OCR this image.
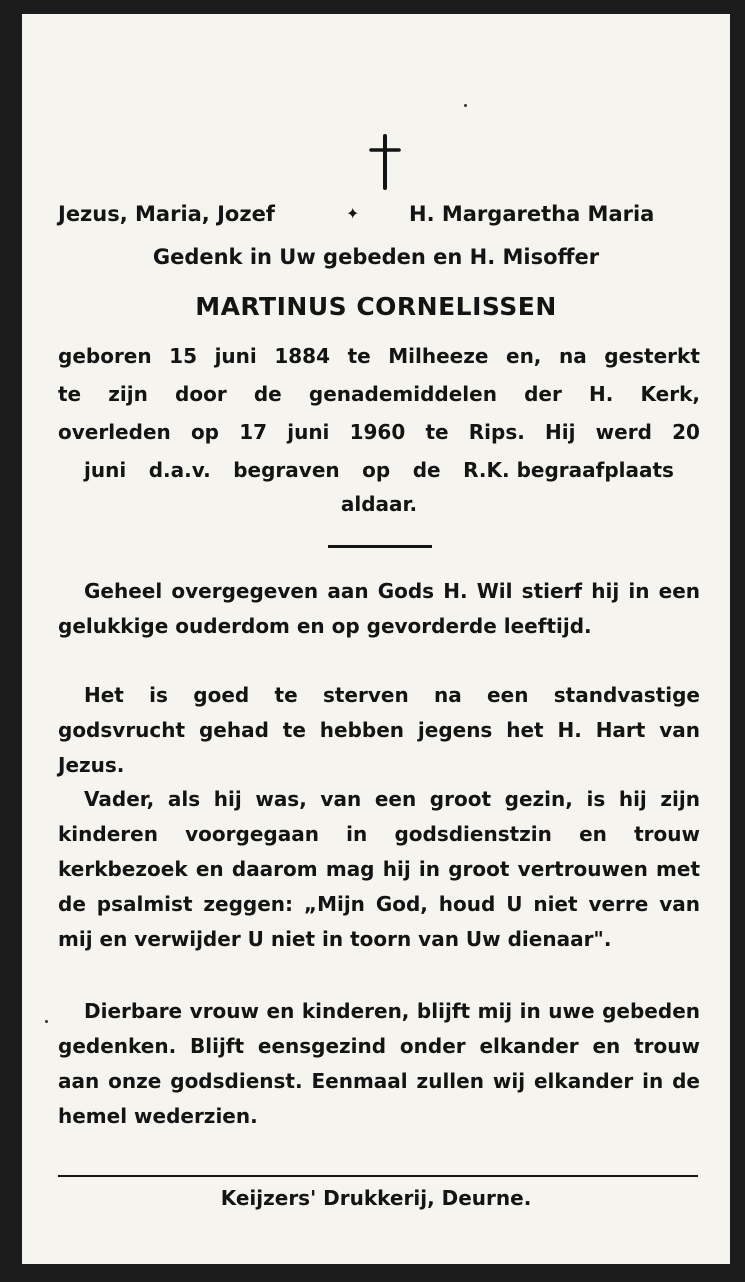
Jezus, Maria, Jozef	✦ H. Margaretha Maria
Gedenk in Uw gebeden en H. Misoffer
MARTINUS CORNELISSEN
geboren 15 juni 1884 te Milheeze en, na gesterkt
te zijn door de genademiddelen der H. Kerk,
overleden op 17 juni 1960 te Rips. Hij werd 20
juni d.a.v. begraven op de R.K. begraafplaats
aldaar.
Geheel overgegeven aan Gods H. Wil stierf hij in een gelukkige ouderdom en op gevorderde leeftijd.
Het is goed te sterven na een standvastige godsvrucht gehad te hebben jegens het H. Hart van Jezus.
Vader, als hij was, van een groot gezin, is hij zijn kinderen voorgegaan in godsdienstzin en trouw kerkbezoek en daarom mag hij in groot vertrouwen met de psalmist zeggen: „Mijn God, houd U niet verre van mij en verwijder U niet in toorn van Uw dienaar".
Dierbare vrouw en kinderen, blijft mij in uwe gebeden gedenken. Blijft eensgezind onder elkander en trouw aan onze godsdienst. Eenmaal zullen wij elkander in de hemel wederzien.
Keijzers' Drukkerij, Deurne.
